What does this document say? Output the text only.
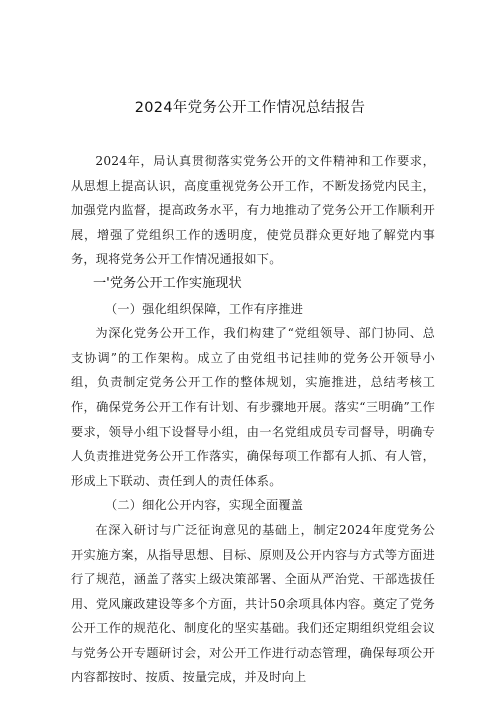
2024年党务公开工作情况总结报告

2024年，局认真贯彻落实党务公开的文件精神和工作要求，从思想上提高认识，高度重视党务公开工作，不断发扬党内民主，加强党内监督，提高政务水平，有力地推动了党务公开工作顺利开展，增强了党组织工作的透明度，使党员群众更好地了解党内事务，现将党务公开工作情况通报如下。

一'党务公开工作实施现状

（一）强化组织保障，工作有序推进

为深化党务公开工作，我们构建了“党组领导、部门协同、总支协调”的工作架构。成立了由党组书记挂帅的党务公开领导小组，负责制定党务公开工作的整体规划，实施推进，总结考核工作，确保党务公开工作有计划、有步骤地开展。落实“三明确”工作要求，领导小组下设督导小组，由一名党组成员专司督导，明确专人负责推进党务公开工作落实，确保每项工作都有人抓、有人管，形成上下联动、责任到人的责任体系。

（二）细化公开内容，实现全面覆盖

在深入研讨与广泛征询意见的基础上，制定2024年度党务公开实施方案，从指导思想、目标、原则及公开内容与方式等方面进行了规范，涵盖了落实上级决策部署、全面从严治党、干部选拔任用、党风廉政建设等多个方面，共计50余项具体内容。奠定了党务公开工作的规范化、制度化的坚实基础。我们还定期组织党组会议与党务公开专题研讨会，对公开工作进行动态管理，确保每项公开内容都按时、按质、按量完成，并及时向上
